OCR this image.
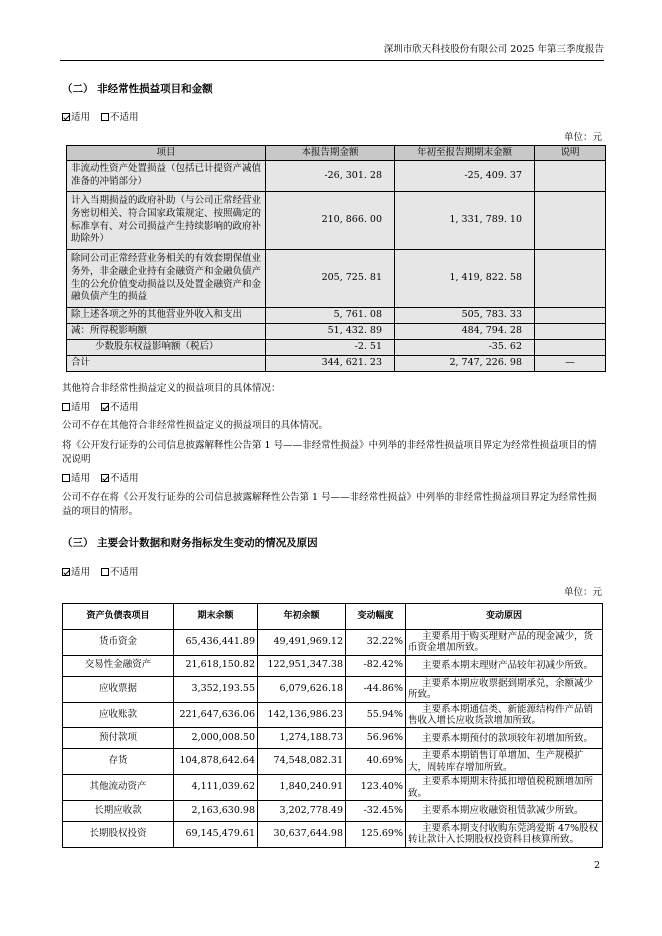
深圳市欣天科技股份有限公司 2025 年第三季度报告
（二） 非经常性损益项目和金额
适用 不适用
单位：元
项目	本报告期金额	年初至报告期期末金额	说明
非流动性资产处置损益（包括已计提资产减值准备的冲销部分）	-26, 301. 28	-25, 409. 37	
计入当期损益的政府补助（与公司正常经营业务密切相关、符合国家政策规定、按照确定的标准享有、对公司损益产生持续影响的政府补助除外）	210, 866. 00	1, 331, 789. 10	
除同公司正常经营业务相关的有效套期保值业务外，非金融企业持有金融资产和金融负债产生的公允价值变动损益以及处置金融资产和金融负债产生的损益	205, 725. 81	1, 419, 822. 58	
除上述各项之外的其他营业外收入和支出	5, 761. 08	505, 783. 33	
减：所得税影响额	51, 432. 89	484, 794. 28	
少数股东权益影响额（税后）	-2. 51	-35. 62	
合计	344, 621. 23	2, 747, 226. 98	—
其他符合非经常性损益定义的损益项目的具体情况：
适用 不适用
公司不存在其他符合非经常性损益定义的损益项目的具体情况。
将《公开发行证券的公司信息披露解释性公告第 1 号——非经常性损益》中列举的非经常性损益项目界定为经常性损益项目的情况说明
适用 不适用
公司不存在将《公开发行证券的公司信息披露解释性公告第 1 号——非经常性损益》中列举的非经常性损益项目界定为经常性损益的项目的情形。
（三） 主要会计数据和财务指标发生变动的情况及原因
适用 不适用
单位：元
资产负债表项目	期末余额	年初余额	变动幅度	变动原因
货币资金	65,436,441.89	49,491,969.12	32.22%	主要系用于购买理财产品的现金减少，货币资金增加所致。
交易性金融资产	21,618,150.82	122,951,347.38	-82.42%	主要系本期末理财产品较年初减少所致。
应收票据	3,352,193.55	6,079,626.18	-44.86%	主要系本期应收票据到期承兑，余额减少所致。
应收账款	221,647,636.06	142,136,986.23	55.94%	主要系本期通信类、新能源结构件产品销售收入增长应收货款增加所致。
预付款项	2,000,008.50	1,274,188.73	56.96%	主要系本期预付的款项较年初增加所致。
存货	104,878,642.64	74,548,082.31	40.69%	主要系本期销售订单增加、生产规模扩大，周转库存增加所致。
其他流动资产	4,111,039.62	1,840,240.91	123.40%	主要系本期期末待抵扣增值税税额增加所致。
长期应收款	2,163,630.98	3,202,778.49	-32.45%	主要系本期应收融资租赁款减少所致。
长期股权投资	69,145,479.61	30,637,644.98	125.69%	主要系本期支付收购东莞鸿爱斯 47%股权转让款计入长期股权投资科目核算所致。
2
